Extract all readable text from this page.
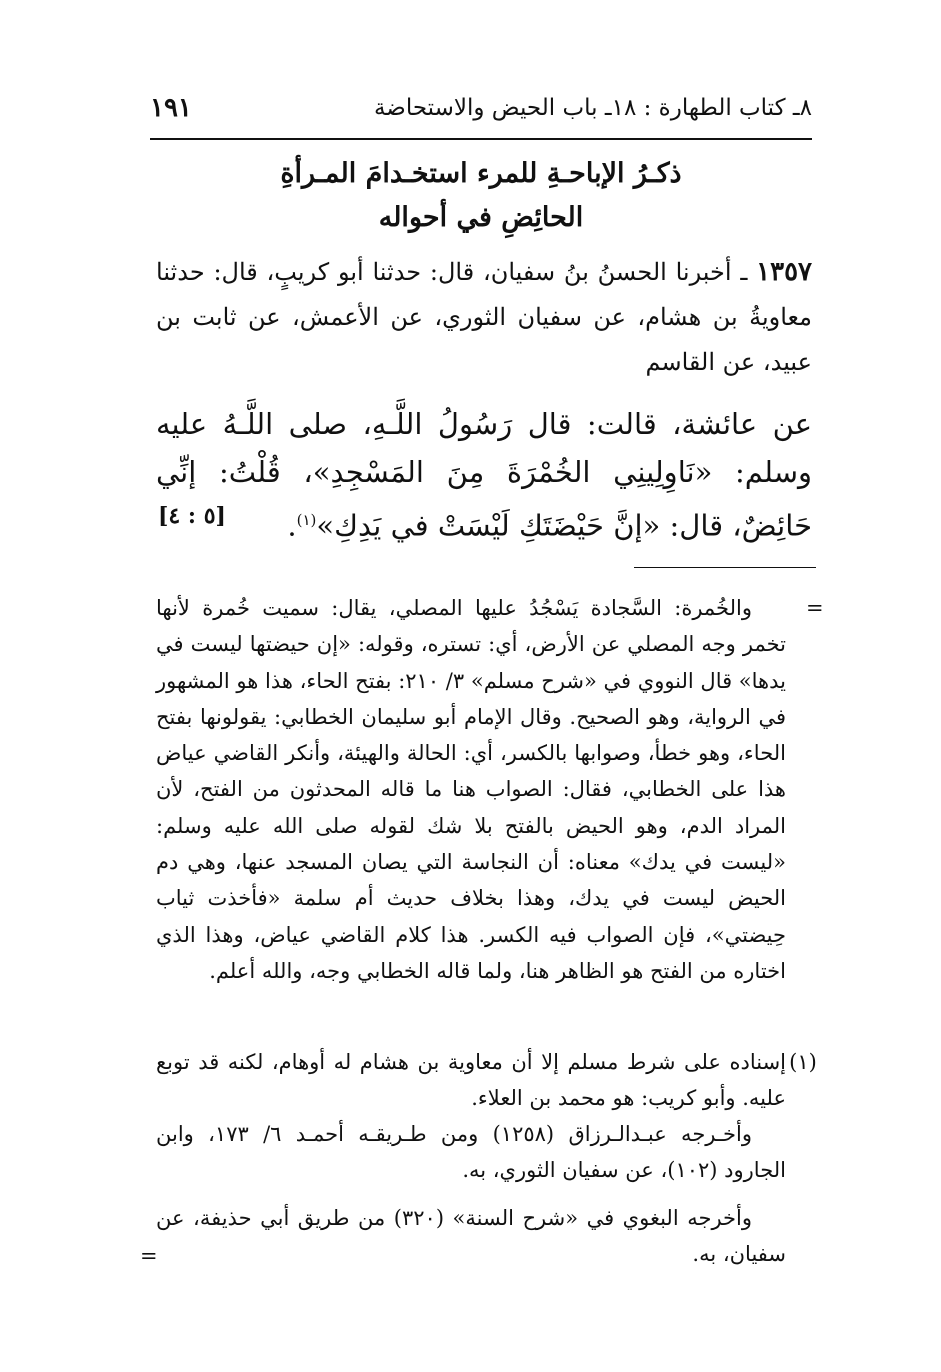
٨ـ كتاب الطهارة : ١٨ـ باب الحيض والاستحاضة
١٩١
ذكـرُ الإباحـةِ للمرء استخـدامَ المـرأةِ
الحائِضِ في أحواله
١٣٥٧ ـ أخبرنا الحسنُ بنُ سفيان، قال: حدثنا أبو كريبٍ، قال: حدثنا معاويةُ بن هشام، عن سفيان الثوري، عن الأعمش، عن ثابت بن عبيد، عن القاسم
عن عائشة، قالت: قال رَسُولُ اللَّـهِ، صلى اللَّـهُ عليه وسلم: «نَاوِلِينِي الخُمْرَةَ مِنَ المَسْجِدِ»، قُلْتُ: إنِّي حَائِضٌ، قال: «إنَّ حَيْضَتَكِ لَيْسَتْ في يَدِكِ»$^{(١)}$.
[٥ : ٤]
=
والخُمرة: السَّجادة يَسْجُدُ عليها المصلي، يقال: سميت خُمرة لأنها تخمر وجه المصلي عن الأرض، أي: تستره، وقوله: «إن حيضتها ليست في يدها» قال النووي في «شرح مسلم» ٣/ ٢١٠: بفتح الحاء، هذا هو المشهور في الرواية، وهو الصحيح. وقال الإمام أبو سليمان الخطابي: يقولونها بفتح الحاء، وهو خطأ، وصوابها بالكسر، أي: الحالة والهيئة، وأنكر القاضي عياض هذا على الخطابي، فقال: الصواب هنا ما قاله المحدثون من الفتح، لأن المراد الدم، وهو الحيض بالفتح بلا شك لقوله صلى الله عليه وسلم: «ليست في يدك» معناه: أن النجاسة التي يصان المسجد عنها، وهي دم الحيض ليست في يدك، وهذا بخلاف حديث أم سلمة «فأخذت ثياب حِيضتي»، فإن الصواب فيه الكسر. هذا كلام القاضي عياض، وهذا الذي اختاره من الفتح هو الظاهر هنا، ولما قاله الخطابي وجه، والله أعلم.
(١)
إسناده على شرط مسلم إلا أن معاوية بن هشام له أوهام، لكنه قد توبع عليه. وأبو كريب: هو محمد بن العلاء.
وأخـرجه عبـدالـرزاق (١٢٥٨) ومن طـريقـه أحمـد ٦/ ١٧٣، وابن الجارود (١٠٢)، عن سفيان الثوري، به.
وأخرجه البغوي في «شرح السنة» (٣٢٠) من طريق أبي حذيفة، عن سفيان، به.
=
